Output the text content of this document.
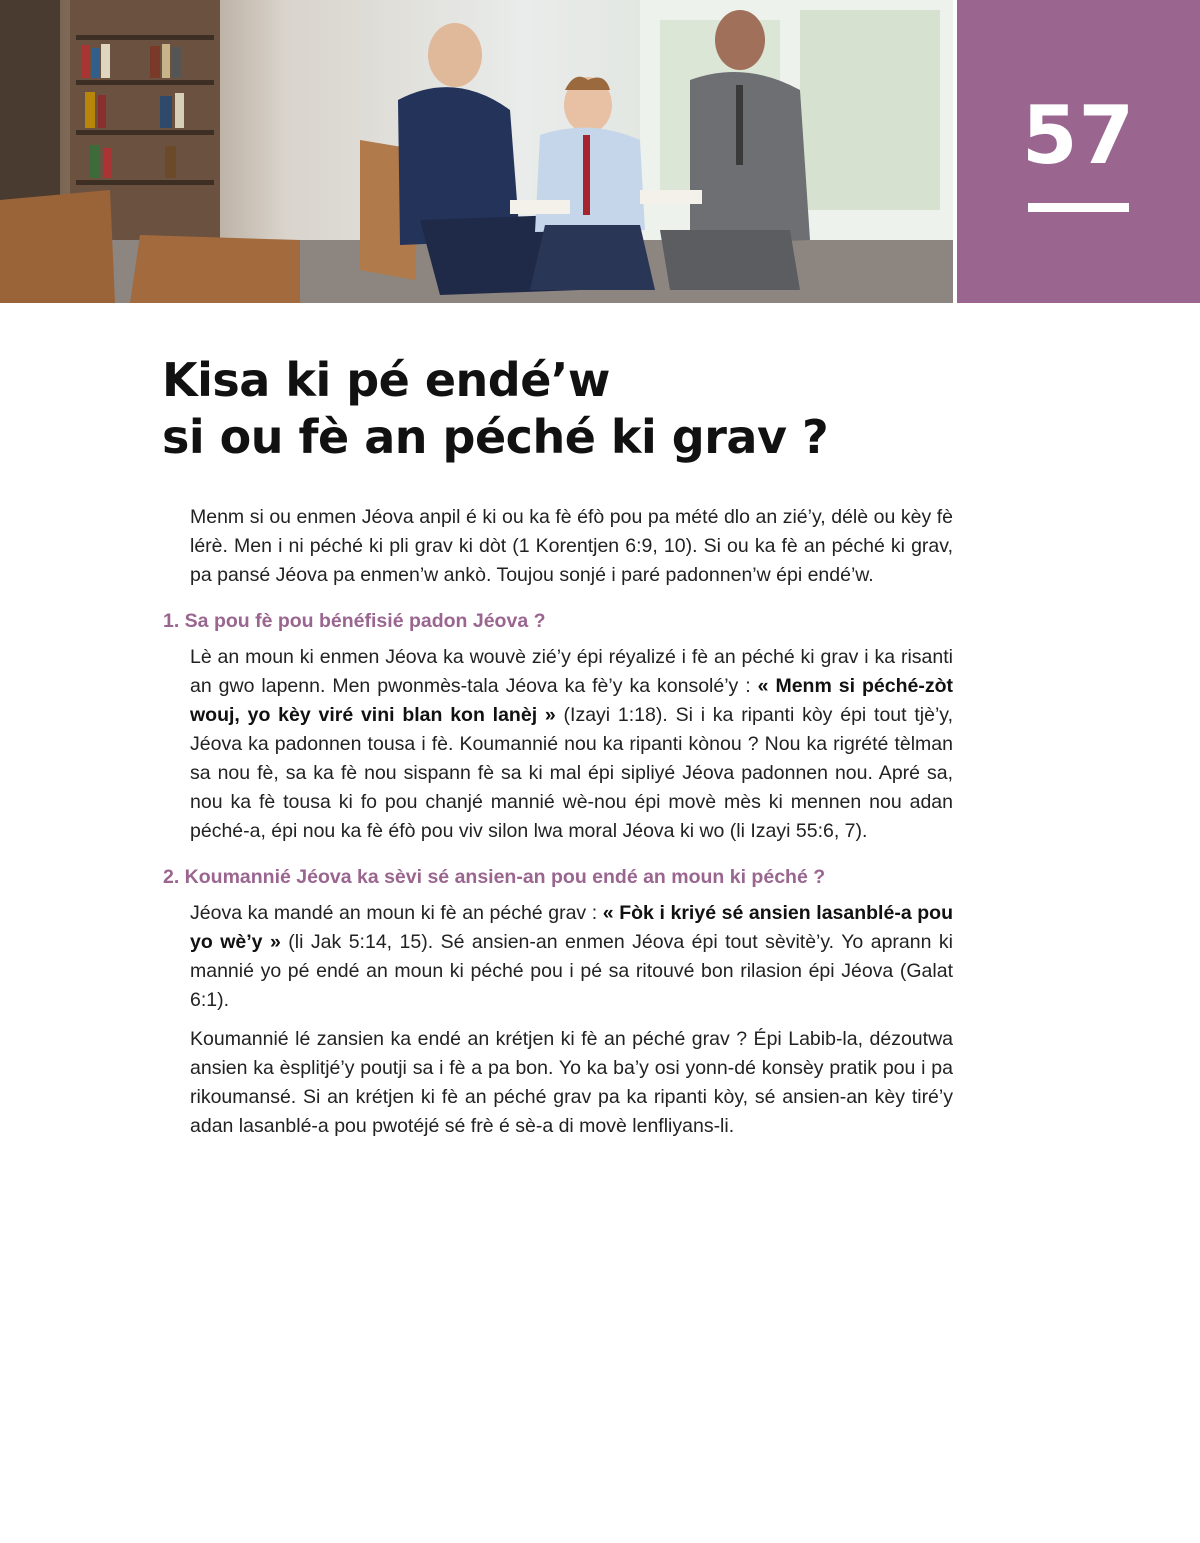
57
Kisa ki pé endé’w
si ou fè an péché ki grav ?

Menm si ou enmen Jéova anpil é ki ou ka fè éfò pou pa mété dlo an zié’y, délè ou kèy fè lérè. Men i ni péché ki pli grav ki dòt (1 Korentjen 6:9, 10). Si ou ka fè an péché ki grav, pa pansé Jéova pa enmen’w ankò. Toujou sonjé i paré padonnen’w épi endé’w.

1. Sa pou fè pou bénéfisié padon Jéova ?

Lè an moun ki enmen Jéova ka wouvè zié’y épi réyalizé i fè an péché ki grav i ka risanti an gwo lapenn. Men pwonmès-tala Jéova ka fè’y ka konsolé’y : « Menm si péché-zòt wouj, yo kèy viré vini blan kon lanèj » (Izayi 1:18). Si i ka ripanti kòy épi tout tjè’y, Jéova ka padonnen tousa i fè. Koumannié nou ka ripanti kònou ? Nou ka rigrété tèlman sa nou fè, sa ka fè nou sispann fè sa ki mal épi sipliyé Jéova padonnen nou. Apré sa, nou ka fè tousa ki fo pou chanjé mannié wè-nou épi movè mès ki mennen nou adan péché-a, épi nou ka fè éfò pou viv silon lwa moral Jéova ki wo (li Izayi 55:6, 7).

2. Koumannié Jéova ka sèvi sé ansien-an pou endé an moun ki péché ?

Jéova ka mandé an moun ki fè an péché grav : « Fòk i kriyé sé ansien lasanblé-a pou yo wè’y » (li Jak 5:14, 15). Sé ansien-an enmen Jéova épi tout sèvitè’y. Yo aprann ki mannié yo pé endé an moun ki péché pou i pé sa ritouvé bon rilasion épi Jéova (Galat 6:1).

Koumannié lé zansien ka endé an krétjen ki fè an péché grav ? Épi Labib-la, dézoutwa ansien ka èsplitjé’y poutji sa i fè a pa bon. Yo ka ba’y osi yonn-dé konsèy pratik pou i pa rikoumansé. Si an krétjen ki fè an péché grav pa ka ripanti kòy, sé ansien-an kèy tiré’y adan lasanblé-a pou pwotéjé sé frè é sè-a di movè lenfliyans-li.
